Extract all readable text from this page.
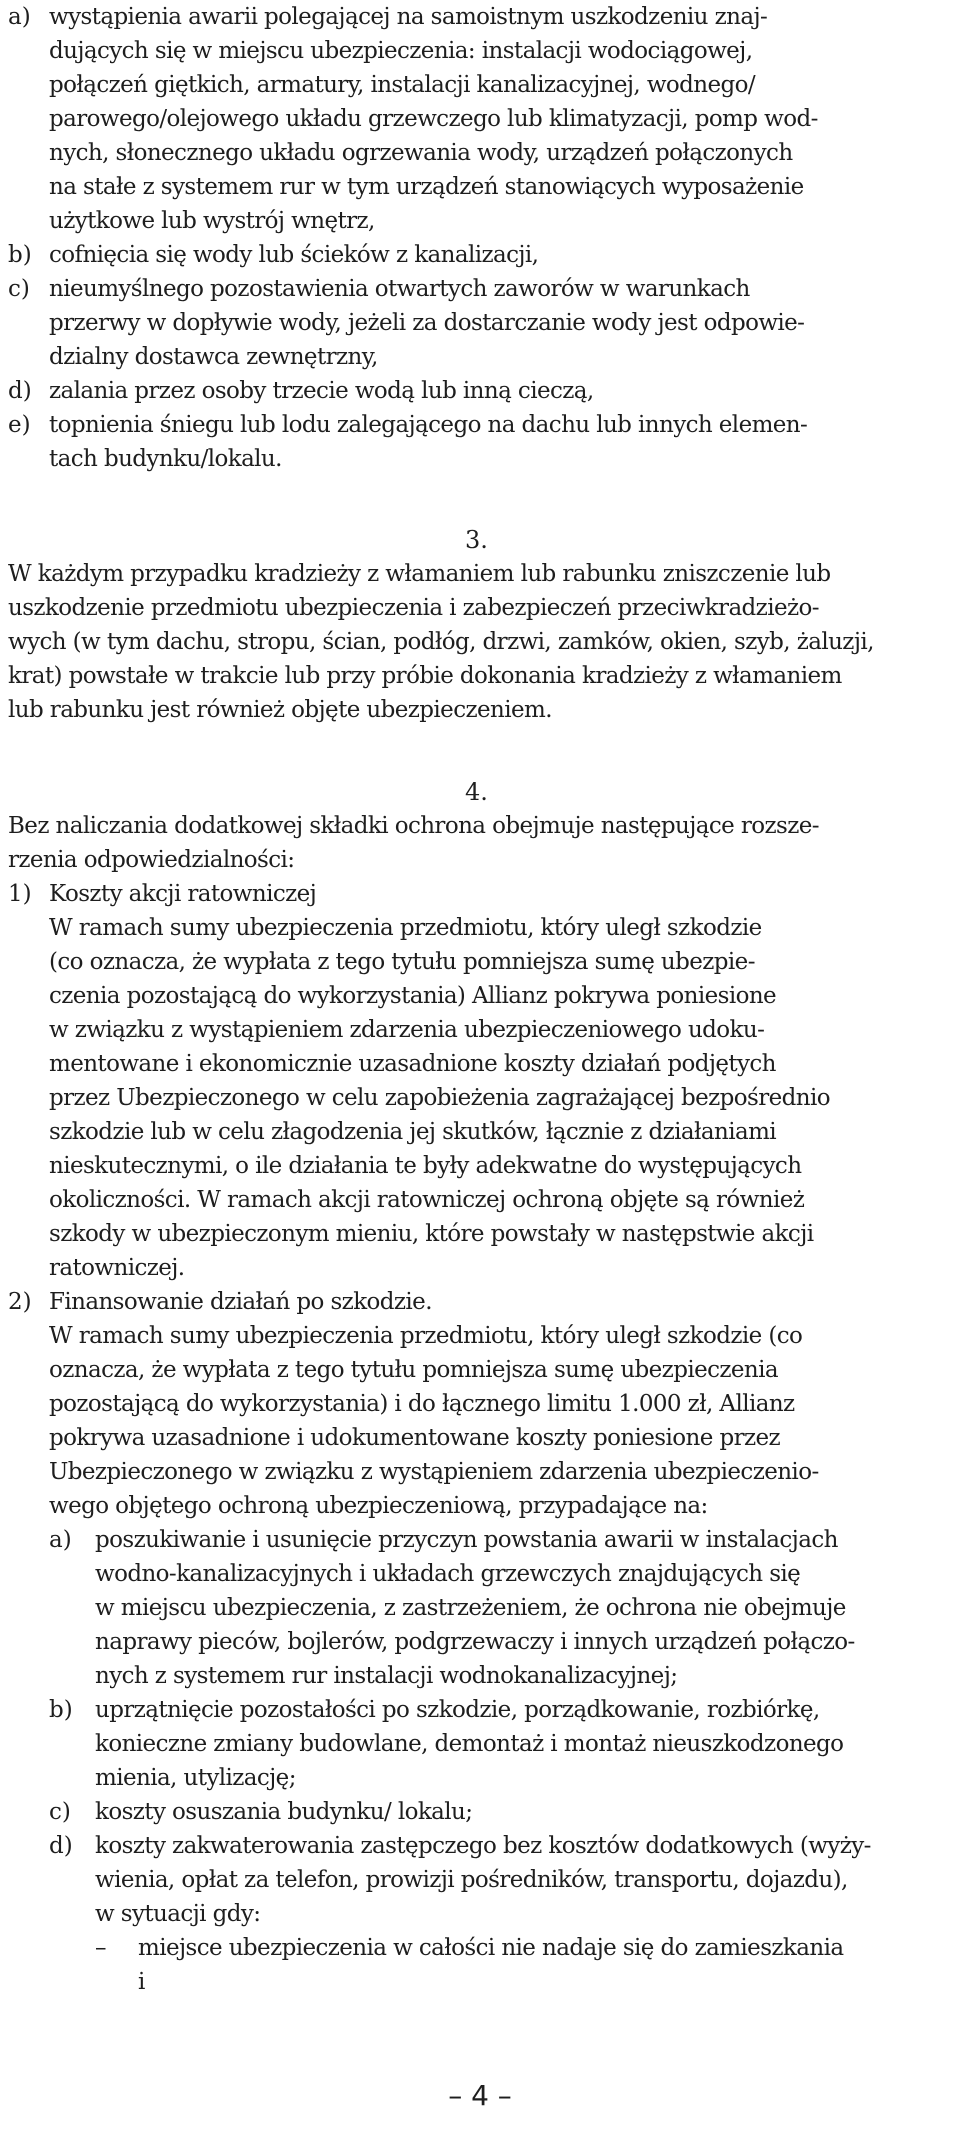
a) wystąpienia awarii polegającej na samoistnym uszkodzeniu znaj-

dujących się w miejscu ubezpieczenia: instalacji wodociągowej,

połączeń giętkich, armatury, instalacji kanalizacyjnej, wodnego/

parowego/olejowego układu grzewczego lub klimatyzacji, pomp wod-

nych, słonecznego układu ogrzewania wody, urządzeń połączonych

na stałe z systemem rur w tym urządzeń stanowiących wyposażenie

użytkowe lub wystrój wnętrz,

b) cofnięcia się wody lub ścieków z kanalizacji,

c) nieumyślnego pozostawienia otwartych zaworów w warunkach

przerwy w dopływie wody, jeżeli za dostarczanie wody jest odpowie-

dzialny dostawca zewnętrzny,

d) zalania przez osoby trzecie wodą lub inną cieczą,

e) topnienia śniegu lub lodu zalegającego na dachu lub innych elemen-

tach budynku/lokalu.

3.

W każdym przypadku kradzieży z włamaniem lub rabunku zniszczenie lub

uszkodzenie przedmiotu ubezpieczenia i zabezpieczeń przeciwkradzieżo-

wych (w tym dachu, stropu, ścian, podłóg, drzwi, zamków, okien, szyb, żaluzji,

krat) powstałe w trakcie lub przy próbie dokonania kradzieży z włamaniem

lub rabunku jest również objęte ubezpieczeniem.

4.

Bez naliczania dodatkowej składki ochrona obejmuje następujące rozsze-

rzenia odpowiedzialności:

1) Koszty akcji ratowniczej

W ramach sumy ubezpieczenia przedmiotu, który uległ szkodzie

(co oznacza, że wypłata z tego tytułu pomniejsza sumę ubezpie-

czenia pozostającą do wykorzystania) Allianz pokrywa poniesione

w związku z wystąpieniem zdarzenia ubezpieczeniowego udoku-

mentowane i ekonomicznie uzasadnione koszty działań podjętych

przez Ubezpieczonego w celu zapobieżenia zagrażającej bezpośrednio

szkodzie lub w celu złagodzenia jej skutków, łącznie z działaniami

nieskutecznymi, o ile działania te były adekwatne do występujących

okoliczności. W ramach akcji ratowniczej ochroną objęte są również

szkody w ubezpieczonym mieniu, które powstały w następstwie akcji

ratowniczej.

2) Finansowanie działań po szkodzie.

W ramach sumy ubezpieczenia przedmiotu, który uległ szkodzie (co

oznacza, że wypłata z tego tytułu pomniejsza sumę ubezpieczenia

pozostającą do wykorzystania) i do łącznego limitu 1.000 zł, Allianz

pokrywa uzasadnione i udokumentowane koszty poniesione przez

Ubezpieczonego w związku z wystąpieniem zdarzenia ubezpieczenio-

wego objętego ochroną ubezpieczeniową, przypadające na:

a) poszukiwanie i usunięcie przyczyn powstania awarii w instalacjach

wodno-kanalizacyjnych i układach grzewczych znajdujących się

w miejscu ubezpieczenia, z zastrzeżeniem, że ochrona nie obejmuje

naprawy pieców, bojlerów, podgrzewaczy i innych urządzeń połączo-

nych z systemem rur instalacji wodnokanalizacyjnej;

b) uprzątnięcie pozostałości po szkodzie, porządkowanie, rozbiórkę,

konieczne zmiany budowlane, demontaż i montaż nieuszkodzonego

mienia, utylizację;

c) koszty osuszania budynku/ lokalu;

d) koszty zakwaterowania zastępczego bez kosztów dodatkowych (wyży-

wienia, opłat za telefon, prowizji pośredników, transportu, dojazdu),

w sytuacji gdy:

– miejsce ubezpieczenia w całości nie nadaje się do zamieszkania

i

– 4 –
